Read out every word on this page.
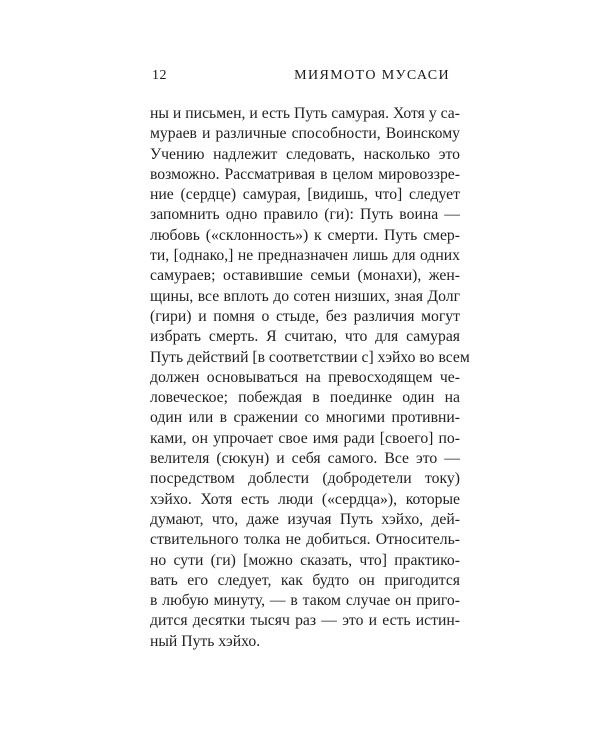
12	МИЯМОТО МУСАСИ
ны и письмен, и есть Путь самурая. Хотя у са-
мураев и различные способности, Воинскому
Учению надлежит следовать, насколько это
возможно. Рассматривая в целом мировоззре-
ние (сердце) самурая, [видишь, что] следует
запомнить одно правило (ги): Путь воина —
любовь («склонность») к смерти. Путь смер-
ти, [однако,] не предназначен лишь для одних
самураев; оставившие семьи (монахи), жен-
щины, все вплоть до сотен низших, зная Долг
(гири) и помня о стыде, без различия могут
избрать смерть. Я считаю, что для самурая
Путь действий [в соответствии с] хэйхо во всем
должен основываться на превосходящем че-
ловеческое; побеждая в поединке один на
один или в сражении со многими противни-
ками, он упрочает свое имя ради [своего] по-
велителя (сюкун) и себя самого. Все это —
посредством доблести (добродетели току)
хэйхо. Хотя есть люди («сердца»), которые
думают, что, даже изучая Путь хэйхо, дей-
ствительного толка не добиться. Относитель-
но сути (ги) [можно сказать, что] практико-
вать его следует, как будто он пригодится
в любую минуту, — в таком случае он приго-
дится десятки тысяч раз — это и есть истин-
ный Путь хэйхо.
